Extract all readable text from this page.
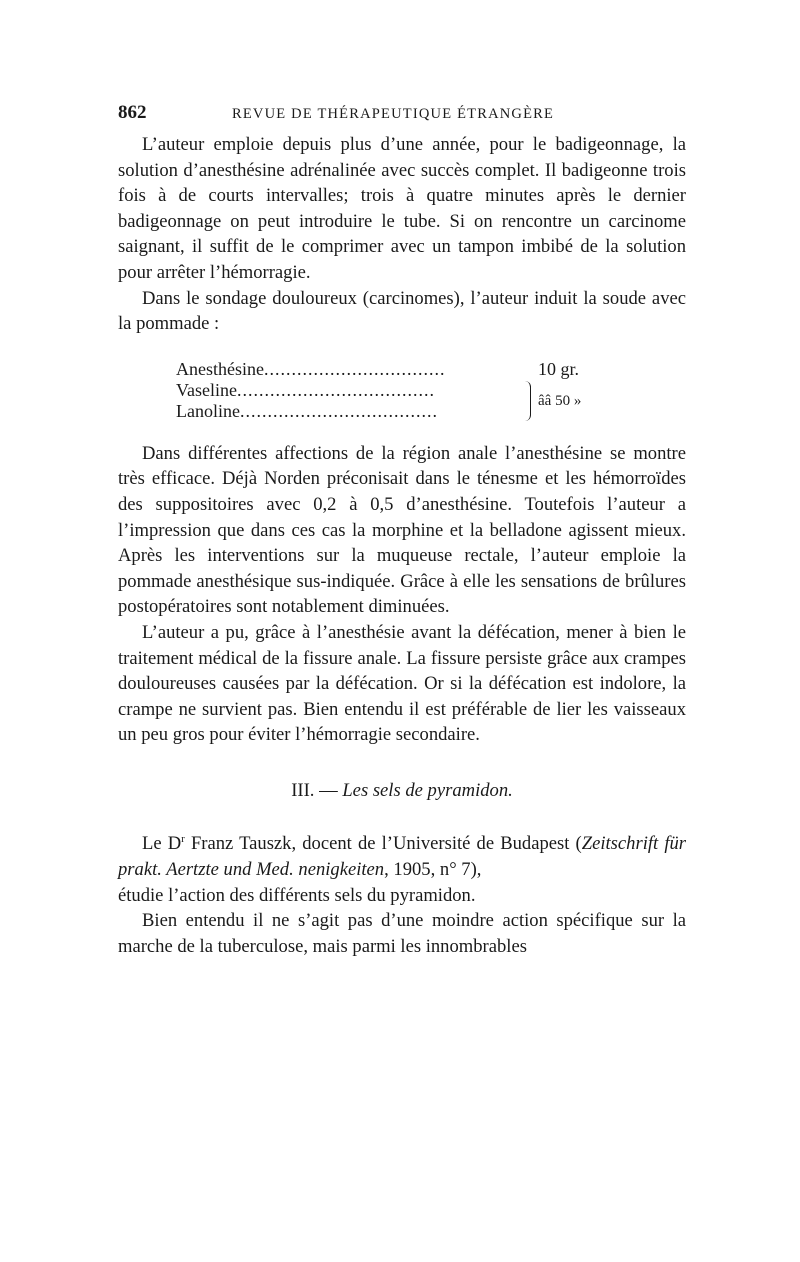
862	REVUE DE THÉRAPEUTIQUE ÉTRANGÈRE

L’auteur emploie depuis plus d’une année, pour le badigeonnage, la solution d’anesthésine adrénalinée avec succès complet. Il badigeonne trois fois à de courts intervalles; trois à quatre minutes après le dernier badigeonnage on peut introduire le tube. Si on rencontre un carcinome saignant, il suffit de le comprimer avec un tampon imbibé de la solution pour arrêter l’hémorragie.

Dans le sondage douloureux (carcinomes), l’auteur induit la soude avec la pommade :

Anesthésine.................................	10 gr.
Vaseline....................................
Lanoline....................................	ââ 50 »

Dans différentes affections de la région anale l’anesthésine se montre très efficace. Déjà Norden préconisait dans le ténesme et les hémorroïdes des suppositoires avec 0,2 à 0,5 d’anesthésine. Toutefois l’auteur a l’impression que dans ces cas la morphine et la belladone agissent mieux. Après les interventions sur la muqueuse rectale, l’auteur emploie la pommade anesthésique sus-indiquée. Grâce à elle les sensations de brûlures postopératoires sont notablement diminuées.

L’auteur a pu, grâce à l’anesthésie avant la défécation, mener à bien le traitement médical de la fissure anale. La fissure persiste grâce aux crampes douloureuses causées par la défécation. Or si la défécation est indolore, la crampe ne survient pas. Bien entendu il est préférable de lier les vaisseaux un peu gros pour éviter l’hémorragie secondaire.

III. — Les sels de pyramidon.

Le $D^r$ Franz Tauszk, docent de l’Université de Budapest (Zeitschrift für prakt. Aertzte und Med. nenigkeiten, 1905, n° 7),

étudie l’action des différents sels du pyramidon.

Bien entendu il ne s’agit pas d’une moindre action spécifique sur la marche de la tuberculose, mais parmi les innombrables
